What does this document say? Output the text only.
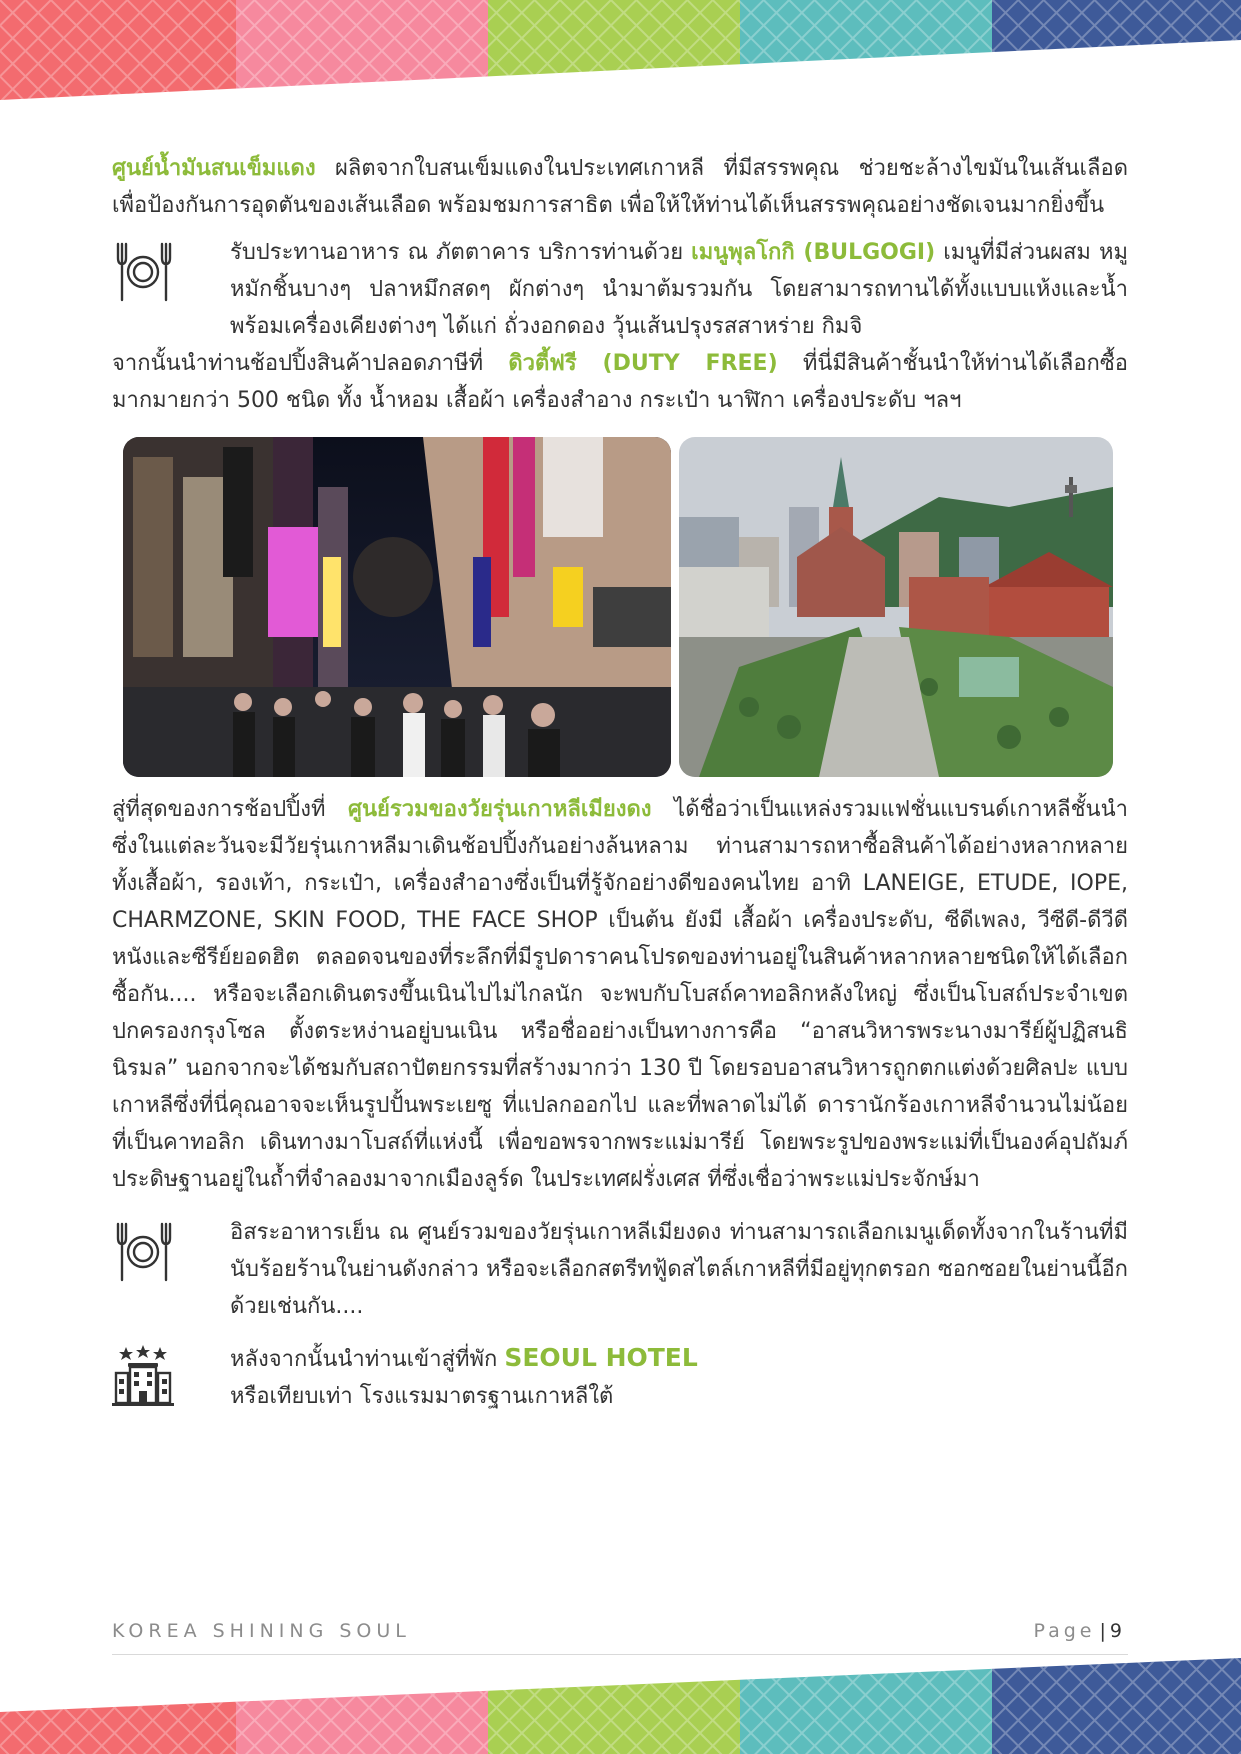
ศูนย์น้ำมันสนเข็มแดง ผลิตจากใบสนเข็มแดงในประเทศเกาหลี ที่มีสรรพคุณ ช่วยชะล้างไขมันในเส้นเลือด เพื่อป้องกันการอุดตันของเส้นเลือด พร้อมชมการสาธิต เพื่อให้ให้ท่านได้เห็นสรรพคุณอย่างชัดเจนมากยิ่งขึ้น

รับประทานอาหาร ณ ภัตตาคาร บริการท่านด้วย เมนูพุลโกกิ (BULGOGI) เมนูที่มีส่วนผสม หมูหมักชิ้นบางๆ ปลาหมึกสดๆ ผักต่างๆ นำมาต้มรวมกัน โดยสามารถทานได้ทั้งแบบแห้งและน้ำ พร้อมเครื่องเคียงต่างๆ ได้แก่ ถั่วงอกดอง วุ้นเส้นปรุงรสสาหร่าย กิมจิ

จากนั้นนำท่านช้อปปิ้งสินค้าปลอดภาษีที่ ดิวตี้ฟรี (DUTY FREE) ที่นี่มีสินค้าชั้นนำให้ท่านได้เลือกซื้อมากมายกว่า 500 ชนิด ทั้ง น้ำหอม เสื้อผ้า เครื่องสำอาง กระเป๋า นาฬิกา เครื่องประดับ ฯลฯ

สู่ที่สุดของการช้อปปิ้งที่ ศูนย์รวมของวัยรุ่นเกาหลีเมียงดง ได้ชื่อว่าเป็นแหล่งรวมแฟชั่นแบรนด์เกาหลีชั้นนำ ซึ่งในแต่ละวันจะมีวัยรุ่นเกาหลีมาเดินช้อปปิ้งกันอย่างล้นหลาม ท่านสามารถหาซื้อสินค้าได้อย่างหลากหลายทั้งเสื้อผ้า, รองเท้า, กระเป๋า, เครื่องสำอางซึ่งเป็นที่รู้จักอย่างดีของคนไทย อาทิ LANEIGE, ETUDE, IOPE, CHARMZONE, SKIN FOOD, THE FACE SHOP เป็นต้น ยังมี เสื้อผ้า เครื่องประดับ, ซีดีเพลง, วีซีดี-ดีวีดีหนังและซีรีย์ยอดฮิต ตลอดจนของที่ระลึกที่มีรูปดาราคนโปรดของท่านอยู่ในสินค้าหลากหลายชนิดให้ได้เลือกซื้อกัน.... หรือจะเลือกเดินตรงขึ้นเนินไปไม่ไกลนัก จะพบกับโบสถ์คาทอลิกหลังใหญ่ ซึ่งเป็นโบสถ์ประจำเขตปกครองกรุงโซล ตั้งตระหง่านอยู่บนเนิน หรือชื่ออย่างเป็นทางการคือ “อาสนวิหารพระนางมารีย์ผู้ปฏิสนธินิรมล” นอกจากจะได้ชมกับสถาปัตยกรรมที่สร้างมากว่า 130 ปี โดยรอบอาสนวิหารถูกตกแต่งด้วยศิลปะ แบบเกาหลีซึ่งที่นี่คุณอาจจะเห็นรูปปั้นพระเยซู ที่แปลกออกไป และที่พลาดไม่ได้ ดารานักร้องเกาหลีจำนวนไม่น้อยที่เป็นคาทอลิก เดินทางมาโบสถ์ที่แห่งนี้ เพื่อขอพรจากพระแม่มารีย์ โดยพระรูปของพระแม่ที่เป็นองค์อุปถัมภ์ประดิษฐานอยู่ในถ้ำที่จำลองมาจากเมืองลูร์ด ในประเทศฝรั่งเศส ที่ซึ่งเชื่อว่าพระแม่ประจักษ์มา

อิสระอาหารเย็น ณ ศูนย์รวมของวัยรุ่นเกาหลีเมียงดง ท่านสามารถเลือกเมนูเด็ดทั้งจากในร้านที่มีนับร้อยร้านในย่านดังกล่าว หรือจะเลือกสตรีทฟู้ดสไตล์เกาหลีที่มีอยู่ทุกตรอก ซอกซอยในย่านนี้อีกด้วยเช่นกัน....

หลังจากนั้นนำท่านเข้าสู่ที่พัก SEOUL HOTEL

หรือเทียบเท่า โรงแรมมาตรฐานเกาหลีใต้

KOREA SHINING SOUL	Page | 9
